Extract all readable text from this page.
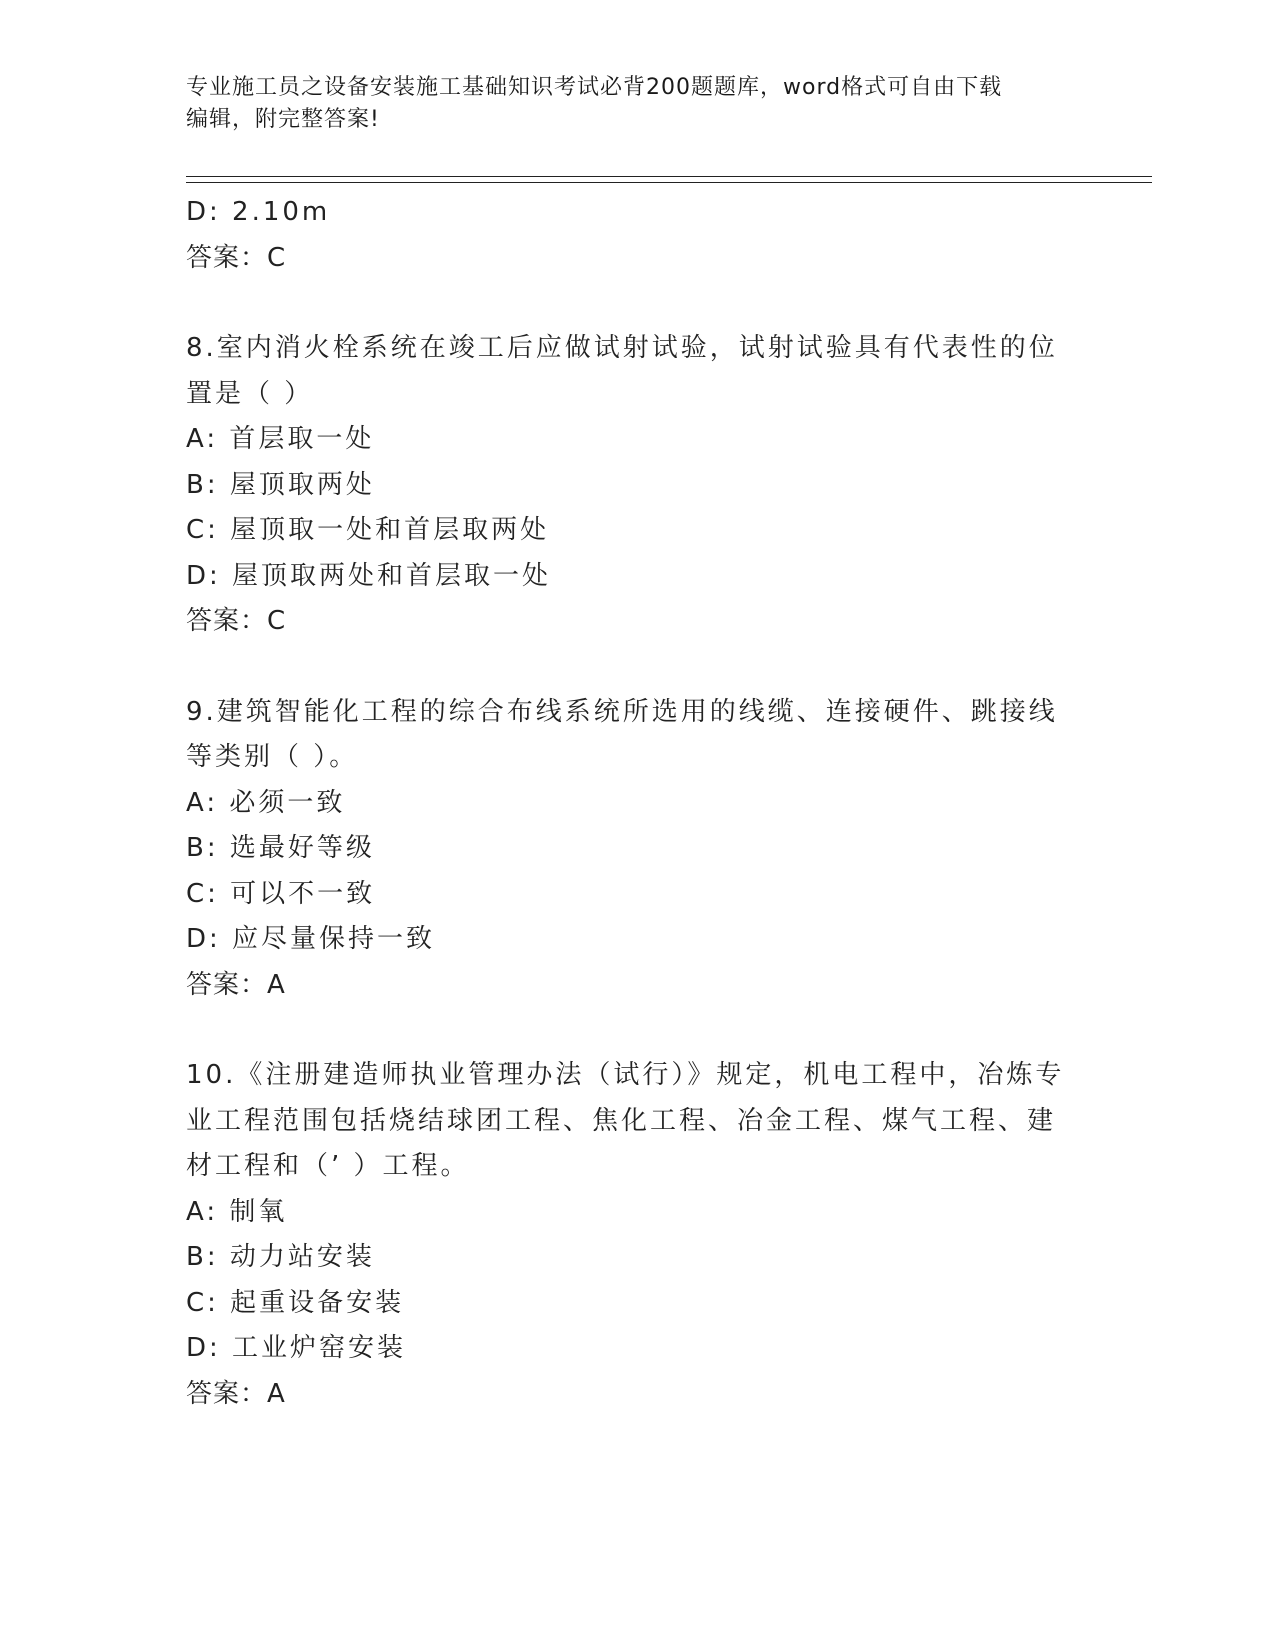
专业施工员之设备安装施工基础知识考试必背200题题库，word格式可自由下载
编辑，附完整答案!

D: 2.10m

答案：C

8.室内消火栓系统在竣工后应做试射试验，试射试验具有代表性的位

置是（ ）

A: 首层取一处

B: 屋顶取两处

C: 屋顶取一处和首层取两处

D: 屋顶取两处和首层取一处

答案：C

9.建筑智能化工程的综合布线系统所选用的线缆、连接硬件、跳接线

等类别（ ）。

A: 必须一致

B: 选最好等级

C: 可以不一致

D: 应尽量保持一致

答案：A

10.《注册建造师执业管理办法（试行）》规定，机电工程中，冶炼专

业工程范围包括烧结球团工程、焦化工程、冶金工程、煤气工程、建

材工程和（’ ）工程。

A: 制氧

B: 动力站安装

C: 起重设备安装

D: 工业炉窑安装

答案：A
